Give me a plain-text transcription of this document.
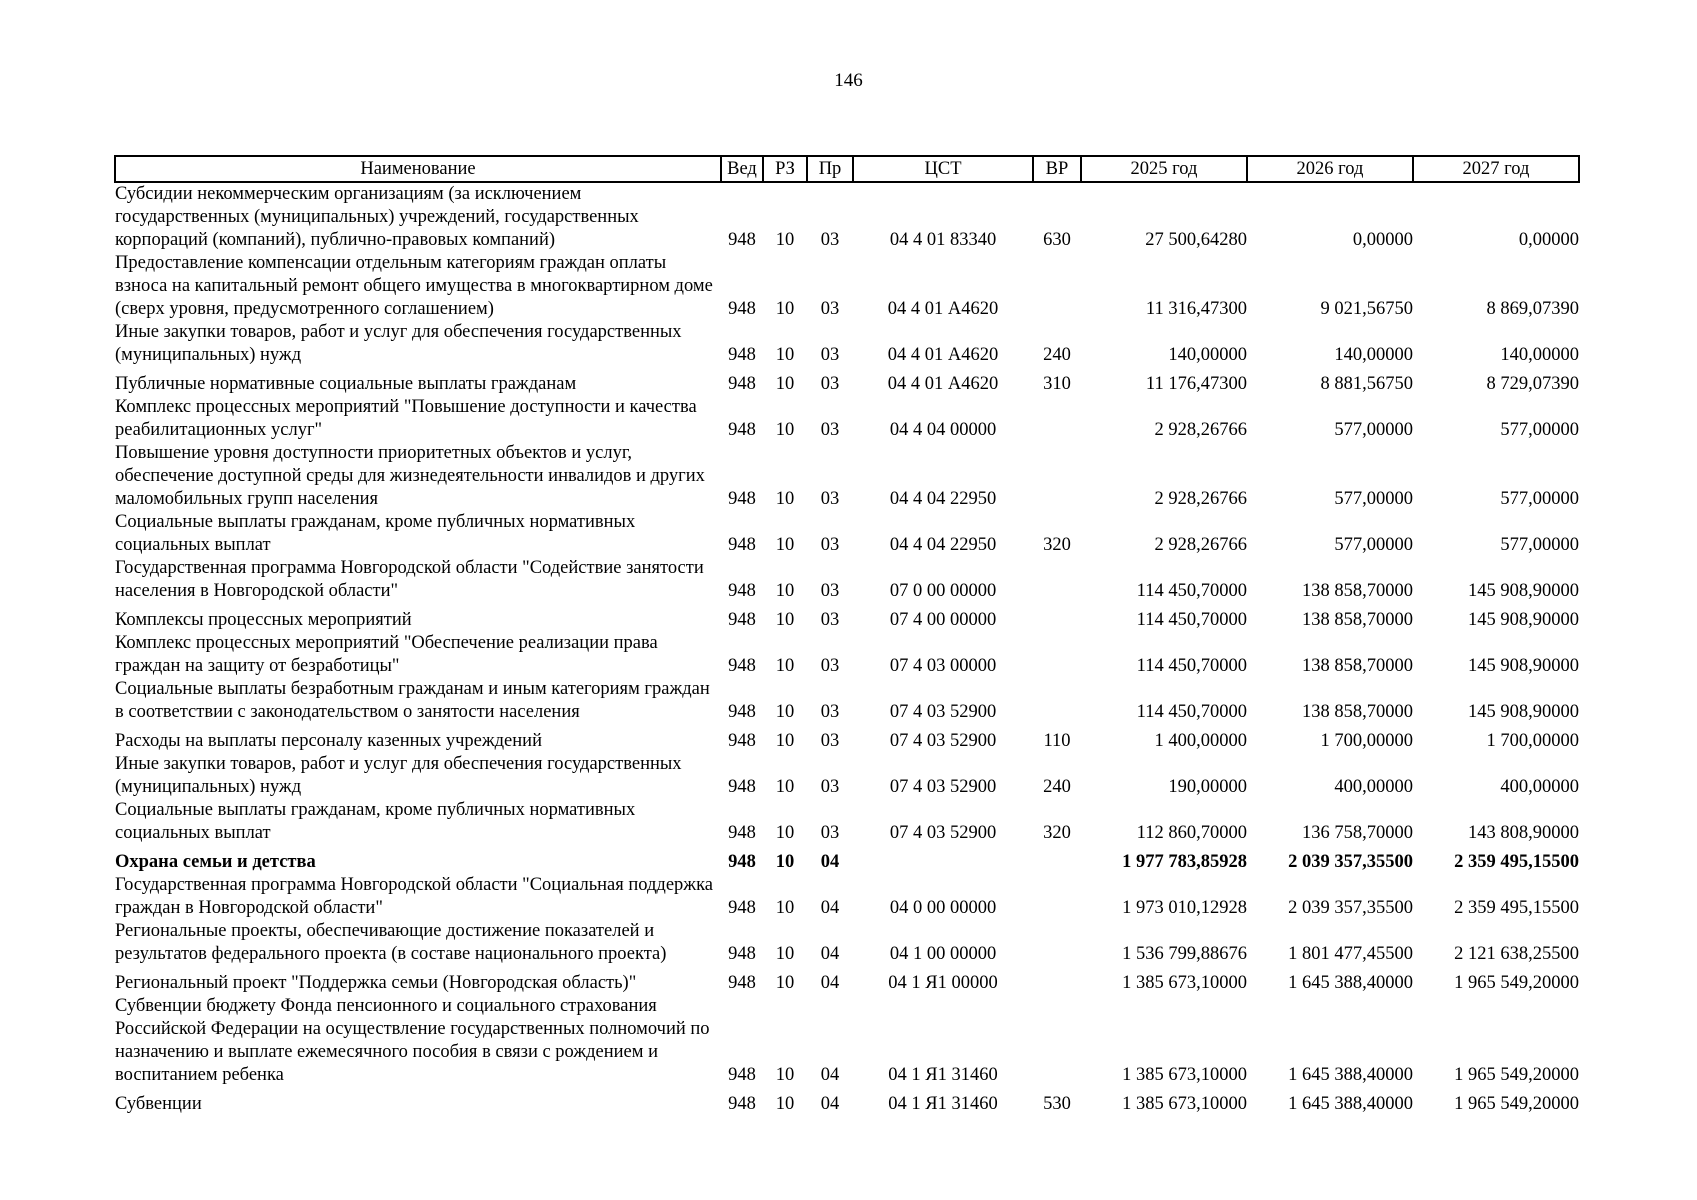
146
Наименование	Вед	РЗ	Пр	ЦСТ	ВР	2025 год	2026 год	2027 год
Субсидии некоммерческим организациям (за исключением государственных (муниципальных) учреждений, государственных корпораций (компаний), публично-правовых компаний)	948	10	03	04 4 01 83340	630	27 500,64280	0,00000	0,00000
Предоставление компенсации отдельным категориям граждан оплаты взноса на капитальный ремонт общего имущества в многоквартирном доме (сверх уровня, предусмотренного соглашением)	948	10	03	04 4 01 А4620		11 316,47300	9 021,56750	8 869,07390
Иные закупки товаров, работ и услуг для обеспечения государственных (муниципальных) нужд	948	10	03	04 4 01 А4620	240	140,00000	140,00000	140,00000
Публичные нормативные социальные выплаты гражданам	948	10	03	04 4 01 А4620	310	11 176,47300	8 881,56750	8 729,07390
Комплекс процессных мероприятий "Повышение доступности и качества реабилитационных услуг"	948	10	03	04 4 04 00000		2 928,26766	577,00000	577,00000
Повышение уровня доступности приоритетных объектов и услуг, обеспечение доступной среды для жизнедеятельности инвалидов и других маломобильных групп населения	948	10	03	04 4 04 22950		2 928,26766	577,00000	577,00000
Социальные выплаты гражданам, кроме публичных нормативных социальных выплат	948	10	03	04 4 04 22950	320	2 928,26766	577,00000	577,00000
Государственная программа Новгородской области "Содействие занятости населения в Новгородской области"	948	10	03	07 0 00 00000		114 450,70000	138 858,70000	145 908,90000
Комплексы процессных мероприятий	948	10	03	07 4 00 00000		114 450,70000	138 858,70000	145 908,90000
Комплекс процессных мероприятий "Обеспечение реализации права граждан на защиту от безработицы"	948	10	03	07 4 03 00000		114 450,70000	138 858,70000	145 908,90000
Социальные выплаты безработным гражданам и иным категориям граждан в соответствии с законодательством о занятости населения	948	10	03	07 4 03 52900		114 450,70000	138 858,70000	145 908,90000
Расходы на выплаты персоналу казенных учреждений	948	10	03	07 4 03 52900	110	1 400,00000	1 700,00000	1 700,00000
Иные закупки товаров, работ и услуг для обеспечения государственных (муниципальных) нужд	948	10	03	07 4 03 52900	240	190,00000	400,00000	400,00000
Социальные выплаты гражданам, кроме публичных нормативных социальных выплат	948	10	03	07 4 03 52900	320	112 860,70000	136 758,70000	143 808,90000
Охрана семьи и детства	948	10	04			1 977 783,85928	2 039 357,35500	2 359 495,15500
Государственная программа Новгородской области "Социальная поддержка граждан в Новгородской области"	948	10	04	04 0 00 00000		1 973 010,12928	2 039 357,35500	2 359 495,15500
Региональные проекты, обеспечивающие достижение показателей и результатов федерального проекта (в составе национального проекта)	948	10	04	04 1 00 00000		1 536 799,88676	1 801 477,45500	2 121 638,25500
Региональный проект "Поддержка семьи (Новгородская область)"	948	10	04	04 1 Я1 00000		1 385 673,10000	1 645 388,40000	1 965 549,20000
Субвенции бюджету Фонда пенсионного и социального страхования Российской Федерации на осуществление государственных полномочий по назначению и выплате ежемесячного пособия в связи с рождением и воспитанием ребенка	948	10	04	04 1 Я1 31460		1 385 673,10000	1 645 388,40000	1 965 549,20000
Субвенции	948	10	04	04 1 Я1 31460	530	1 385 673,10000	1 645 388,40000	1 965 549,20000
